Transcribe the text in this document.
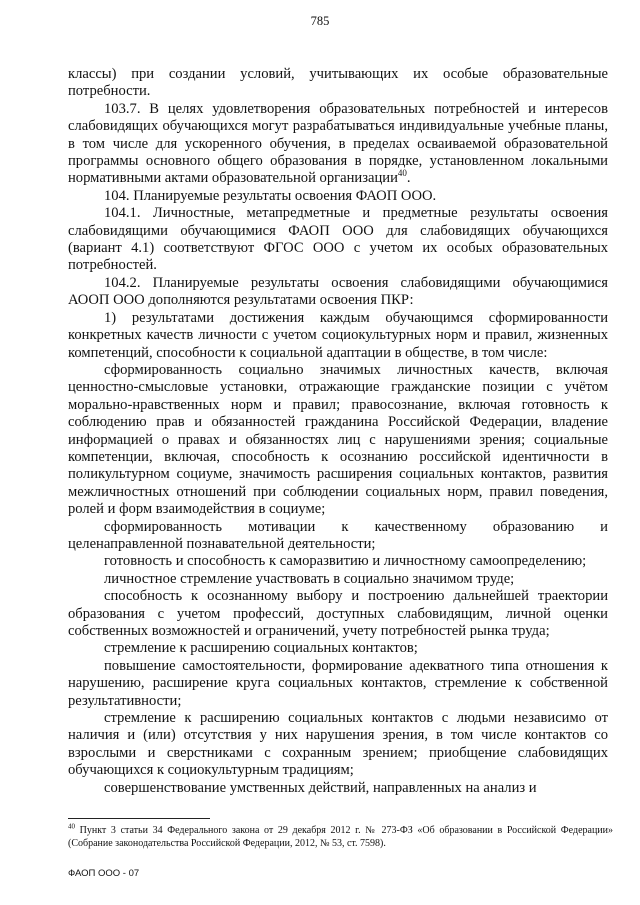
785

классы) при создании условий, учитывающих их особые образовательные потребности.

103.7. В целях удовлетворения образовательных потребностей и интересов слабовидящих обучающихся могут разрабатываться индивидуальные учебные планы, в том числе для ускоренного обучения, в пределах осваиваемой образовательной программы основного общего образования в порядке, установленном локальными нормативными актами образовательной организации$^{40}$.

104. Планируемые результаты освоения ФАОП ООО.

104.1. Личностные, метапредметные и предметные результаты освоения слабовидящими обучающимися ФАОП ООО для слабовидящих обучающихся (вариант 4.1) соответствуют ФГОС ООО с учетом их особых образовательных потребностей.

104.2. Планируемые результаты освоения слабовидящими обучающимися АООП ООО дополняются результатами освоения ПКР:

1) результатами достижения каждым обучающимся сформированности конкретных качеств личности с учетом социокультурных норм и правил, жизненных компетенций, способности к социальной адаптации в обществе, в том числе:

сформированность социально значимых личностных качеств, включая ценностно-смысловые установки, отражающие гражданские позиции с учётом морально-нравственных норм и правил; правосознание, включая готовность к соблюдению прав и обязанностей гражданина Российской Федерации, владение информацией о правах и обязанностях лиц с нарушениями зрения; социальные компетенции, включая, способность к осознанию российской идентичности в поликультурном социуме, значимость расширения социальных контактов, развития межличностных отношений при соблюдении социальных норм, правил поведения, ролей и форм взаимодействия в социуме;

сформированность мотивации к качественному образованию и целенаправленной познавательной деятельности;

готовность и способность к саморазвитию и личностному самоопределению;

личностное стремление участвовать в социально значимом труде;

способность к осознанному выбору и построению дальнейшей траектории образования с учетом профессий, доступных слабовидящим, личной оценки собственных возможностей и ограничений, учету потребностей рынка труда;

стремление к расширению социальных контактов;

повышение самостоятельности, формирование адекватного типа отношения к нарушению, расширение круга социальных контактов, стремление к собственной результативности;

стремление к расширению социальных контактов с людьми независимо от наличия и (или) отсутствия у них нарушения зрения, в том числе контактов со взрослыми и сверстниками с сохранным зрением; приобщение слабовидящих обучающихся к социокультурным традициям;

совершенствование умственных действий, направленных на анализ и

$^{40}$ Пункт 3 статьи 34 Федерального закона от 29 декабря 2012 г. № 273-ФЗ «Об образовании в Российской Федерации» (Собрание законодательства Российской Федерации, 2012, № 53, ст. 7598).
ФАОП ООО - 07
